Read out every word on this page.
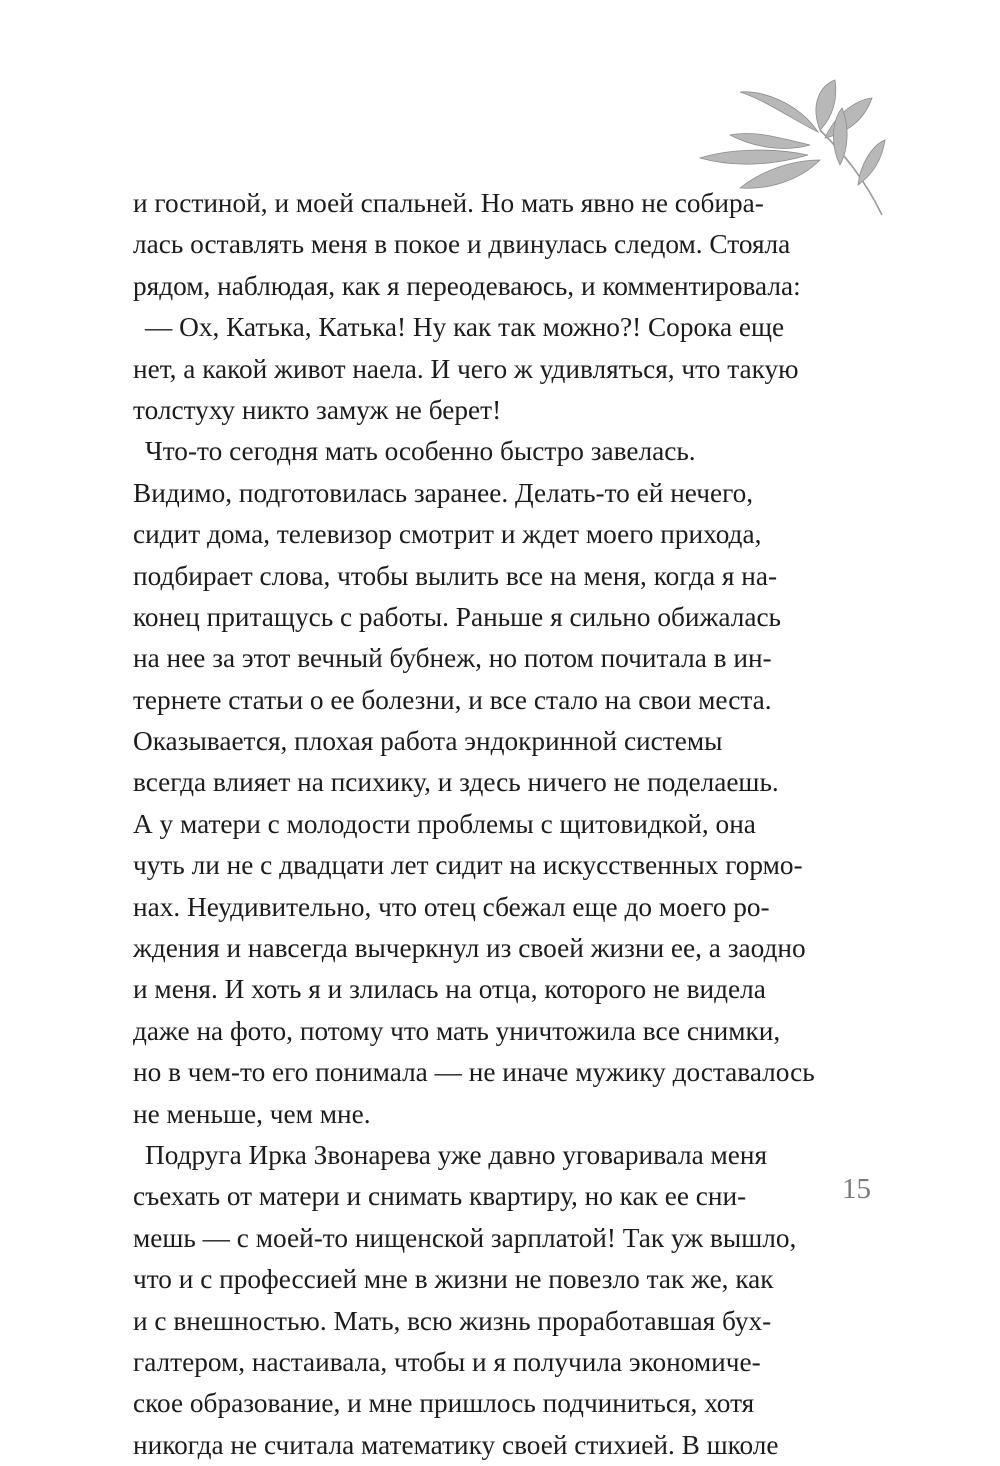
и гостиной, и моей спальней. Но мать явно не собира-
лась оставлять меня в покое и двинулась следом. Стояла
рядом, наблюдая, как я переодеваюсь, и комментировала:
— Ох, Катька, Катька! Ну как так можно?! Сорока еще
нет, а какой живот наела. И чего ж удивляться, что такую
толстуху никто замуж не берет!
Что-то сегодня мать особенно быстро завелась.
Видимо, подготовилась заранее. Делать-то ей нечего,
сидит дома, телевизор смотрит и ждет моего прихода,
подбирает слова, чтобы вылить все на меня, когда я на-
конец притащусь с работы. Раньше я сильно обижалась
на нее за этот вечный бубнеж, но потом почитала в ин-
тернете статьи о ее болезни, и все стало на свои места.
Оказывается, плохая работа эндокринной системы
всегда влияет на психику, и здесь ничего не поделаешь.
А у матери с молодости проблемы с щитовидкой, она
чуть ли не с двадцати лет сидит на искусственных гормо-
нах. Неудивительно, что отец сбежал еще до моего ро-
ждения и навсегда вычеркнул из своей жизни ее, а заодно
и меня. И хоть я и злилась на отца, которого не видела
даже на фото, потому что мать уничтожила все снимки,
но в чем-то его понимала — не иначе мужику доставалось
не меньше, чем мне.
Подруга Ирка Звонарева уже давно уговаривала меня
съехать от матери и снимать квартиру, но как ее сни-
мешь — с моей-то нищенской зарплатой! Так уж вышло,
что и с профессией мне в жизни не повезло так же, как
и с внешностью. Мать, всю жизнь проработавшая бух-
галтером, настаивала, чтобы и я получила экономиче-
ское образование, и мне пришлось подчиниться, хотя
никогда не считала математику своей стихией. В школе
15
